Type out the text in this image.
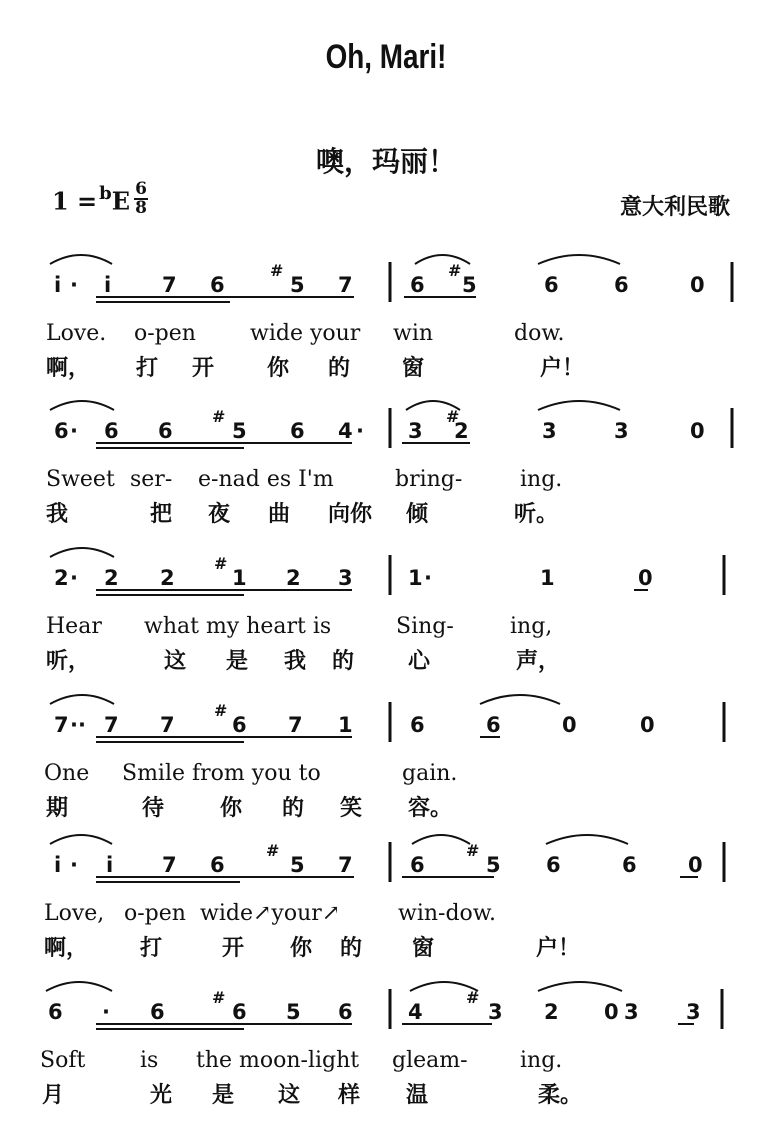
Oh, Mari!
噢，玛丽！
$1 = ^bE \frac{6}{8}$	意大利民歌
i · i 7 6	5 7	6 5	6	6	0
#	#
Love. o-pen wide your win	dow.
啊， 打 开 你 的 窗	户！
6 · 6 6	5 6 4 · 3 2	3	3	0
#	#
Sweet ser- e-nad es I'm	bring-	ing.
我	把 夜 曲 向你 倾	听。
2 · 2 2	1 2 3	1 ·	1	0
#
Hear what my heart is	Sing-	ing,
听，	这 是 我 的 心	声，
7 ·· 7 7	6 7 1	6	6	0	0
#
One Smile from you to	gain.
期	待	你 的 笑 容。
i · i 7 6	5 7	6	5 6	6 0
#	#
Love, o-pen wide↗your↗	win-dow.
啊， 打	开 你 的 窗	户！
6 · 6	6 5 6	4	3 2	3 3
0
#	#
Soft is the moon-light gleam- ing.
月	光 是 这 样 温	柔。
